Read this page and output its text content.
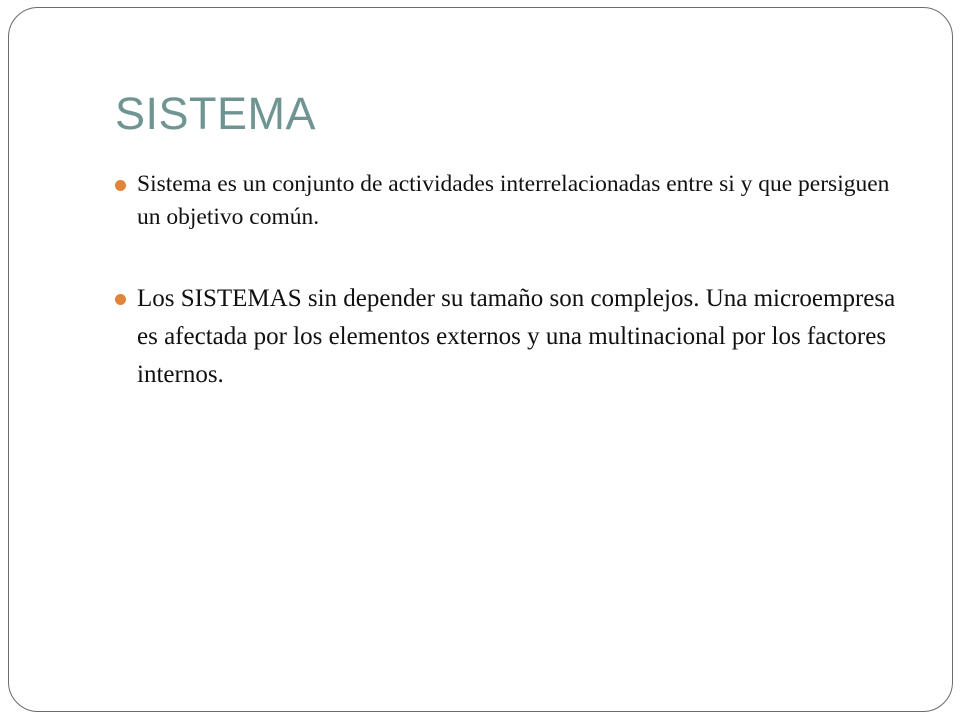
SISTEMA
Sistema es un conjunto de actividades interrelacionadas entre si y que persiguen un objetivo común.
Los SISTEMAS sin depender su tamaño son complejos. Una microempresa es afectada por los elementos externos y una multinacional por los factores internos.
